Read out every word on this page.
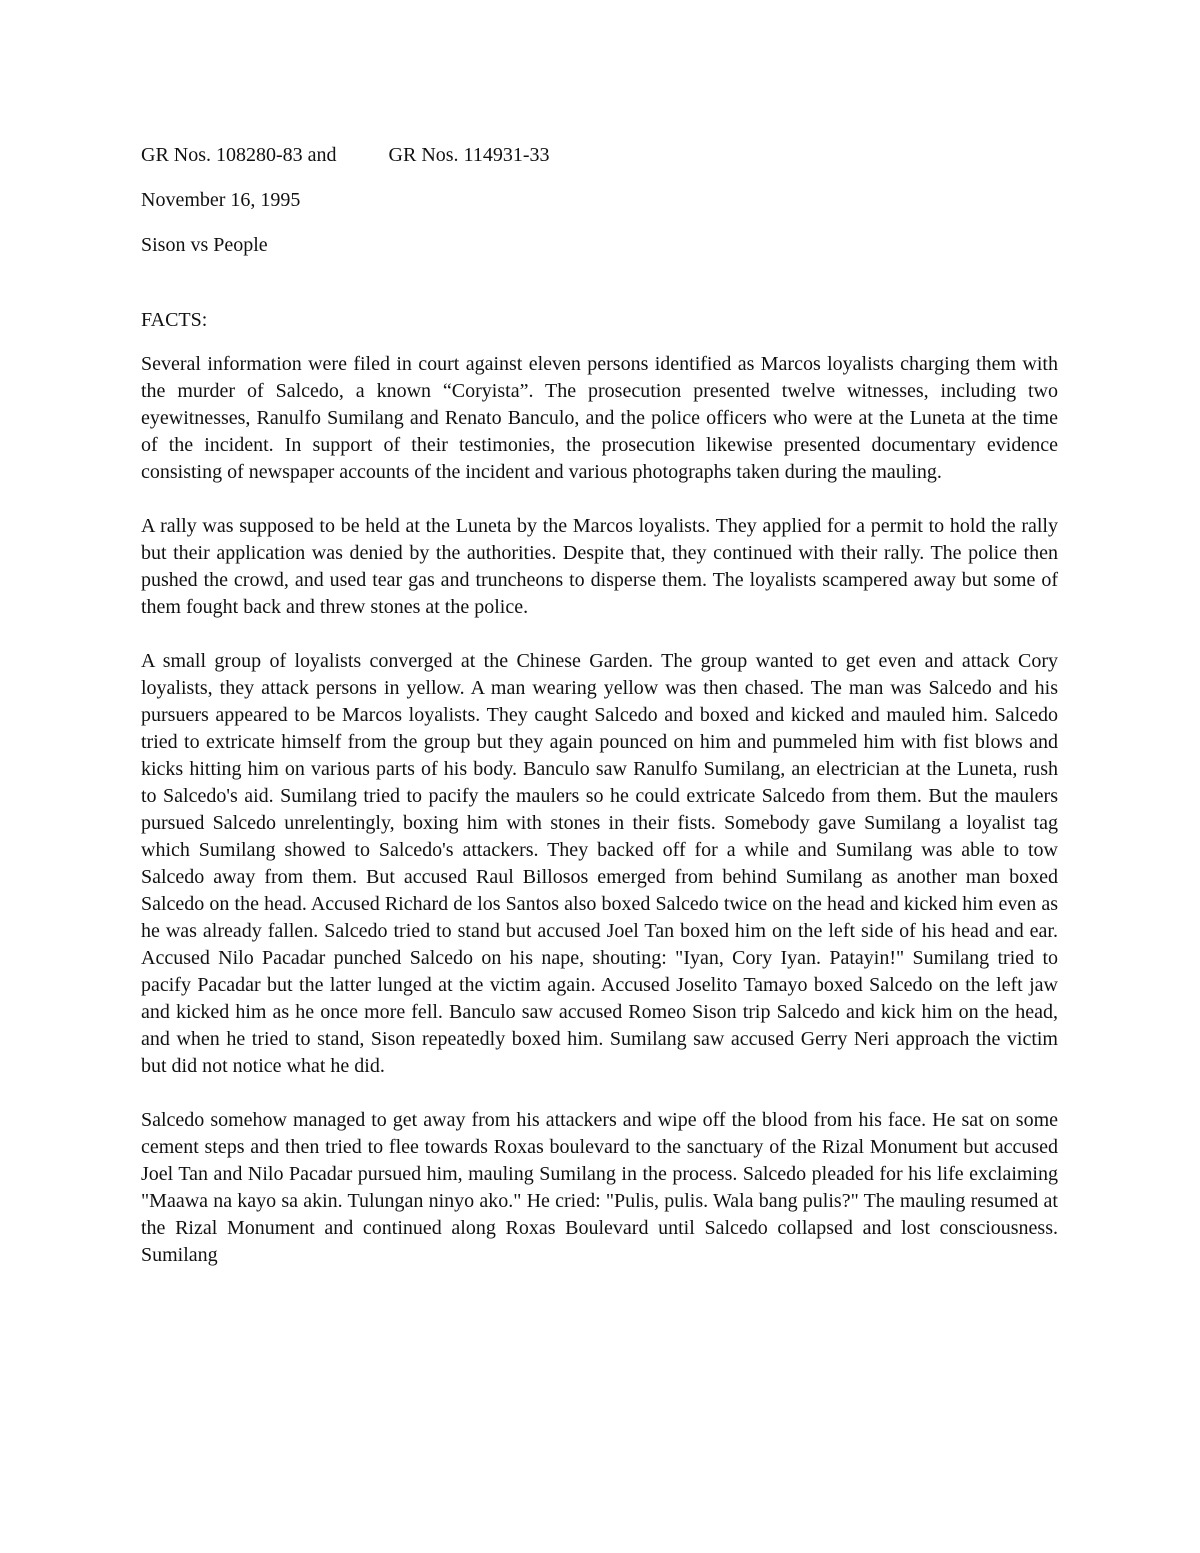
GR Nos. 108280-83 and	GR Nos. 114931-33
November 16, 1995
Sison vs People
FACTS:

Several information were filed in court against eleven persons identified as Marcos loyalists charging them with the murder of Salcedo, a known “Coryista”. The prosecution presented twelve witnesses, including two eyewitnesses, Ranulfo Sumilang and Renato Banculo, and the police officers who were at the Luneta at the time of the incident. In support of their testimonies, the prosecution likewise presented documentary evidence consisting of newspaper accounts of the incident and various photographs taken during the mauling.

A rally was supposed to be held at the Luneta by the Marcos loyalists. They applied for a permit to hold the rally but their application was denied by the authorities. Despite that, they continued with their rally. The police then pushed the crowd, and used tear gas and truncheons to disperse them. The loyalists scampered away but some of them fought back and threw stones at the police.

A small group of loyalists converged at the Chinese Garden. The group wanted to get even and attack Cory loyalists, they attack persons in yellow. A man wearing yellow was then chased. The man was Salcedo and his pursuers appeared to be Marcos loyalists. They caught Salcedo and boxed and kicked and mauled him. Salcedo tried to extricate himself from the group but they again pounced on him and pummeled him with fist blows and kicks hitting him on various parts of his body. Banculo saw Ranulfo Sumilang, an electrician at the Luneta, rush to Salcedo's aid. Sumilang tried to pacify the maulers so he could extricate Salcedo from them. But the maulers pursued Salcedo unrelentingly, boxing him with stones in their fists. Somebody gave Sumilang a loyalist tag which Sumilang showed to Salcedo's attackers. They backed off for a while and Sumilang was able to tow Salcedo away from them. But accused Raul Billosos emerged from behind Sumilang as another man boxed Salcedo on the head. Accused Richard de los Santos also boxed Salcedo twice on the head and kicked him even as he was already fallen. Salcedo tried to stand but accused Joel Tan boxed him on the left side of his head and ear. Accused Nilo Pacadar punched Salcedo on his nape, shouting: "Iyan, Cory Iyan. Patayin!" Sumilang tried to pacify Pacadar but the latter lunged at the victim again. Accused Joselito Tamayo boxed Salcedo on the left jaw and kicked him as he once more fell. Banculo saw accused Romeo Sison trip Salcedo and kick him on the head, and when he tried to stand, Sison repeatedly boxed him. Sumilang saw accused Gerry Neri approach the victim but did not notice what he did.

Salcedo somehow managed to get away from his attackers and wipe off the blood from his face. He sat on some cement steps and then tried to flee towards Roxas boulevard to the sanctuary of the Rizal Monument but accused Joel Tan and Nilo Pacadar pursued him, mauling Sumilang in the process. Salcedo pleaded for his life exclaiming "Maawa na kayo sa akin. Tulungan ninyo ako." He cried: "Pulis, pulis. Wala bang pulis?" The mauling resumed at the Rizal Monument and continued along Roxas Boulevard until Salcedo collapsed and lost consciousness. Sumilang
